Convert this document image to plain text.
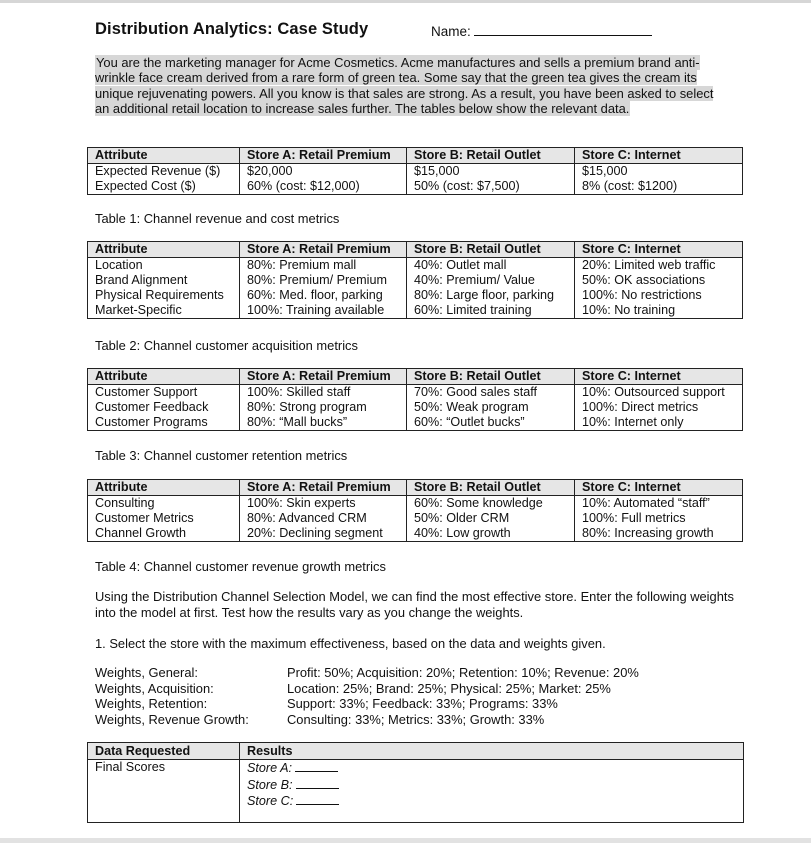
Distribution Analytics: Case Study	Name:
You are the marketing manager for Acme Cosmetics. Acme manufactures and sells a premium brand anti-wrinkle face cream derived from a rare form of green tea. Some say that the green tea gives the cream its unique rejuvenating powers. All you know is that sales are strong. As a result, you have been asked to select an additional retail location to increase sales further. The tables below show the relevant data.
Attribute	Store A: Retail Premium	Store B: Retail Outlet	Store C: Internet
Expected Revenue ($)	$20,000	$15,000	$15,000
Expected Cost ($)	60% (cost: $12,000)	50% (cost: $7,500)	8% (cost: $1200)
Table 1: Channel revenue and cost metrics
Attribute	Store A: Retail Premium	Store B: Retail Outlet	Store C: Internet
Location	80%: Premium mall	40%: Outlet mall	20%: Limited web traffic
Brand Alignment	80%: Premium/ Premium	40%: Premium/ Value	50%: OK associations
Physical Requirements	60%: Med. floor, parking	80%: Large floor, parking	100%: No restrictions
Market-Specific	100%: Training available	60%: Limited training	10%: No training
Table 2: Channel customer acquisition metrics
Attribute	Store A: Retail Premium	Store B: Retail Outlet	Store C: Internet
Customer Support	100%: Skilled staff	70%: Good sales staff	10%: Outsourced support
Customer Feedback	80%: Strong program	50%: Weak program	100%: Direct metrics
Customer Programs	80%: “Mall bucks”	60%: “Outlet bucks”	10%: Internet only
Table 3: Channel customer retention metrics
Attribute	Store A: Retail Premium	Store B: Retail Outlet	Store C: Internet
Consulting	100%: Skin experts	60%: Some knowledge	10%: Automated “staff”
Customer Metrics	80%: Advanced CRM	50%: Older CRM	100%: Full metrics
Channel Growth	20%: Declining segment	40%: Low growth	80%: Increasing growth
Table 4: Channel customer revenue growth metrics
Using the Distribution Channel Selection Model, we can find the most effective store. Enter the following weights into the model at first. Test how the results vary as you change the weights.
1. Select the store with the maximum effectiveness, based on the data and weights given.
Weights, General:	Profit: 50%; Acquisition: 20%; Retention: 10%; Revenue: 20%
Weights, Acquisition:	Location: 25%; Brand: 25%; Physical: 25%; Market: 25%
Weights, Retention:	Support: 33%; Feedback: 33%; Programs: 33%
Weights, Revenue Growth:	Consulting: 33%; Metrics: 33%; Growth: 33%
Data Requested	Results
Final Scores	Store A:
Store B:
Store C:
